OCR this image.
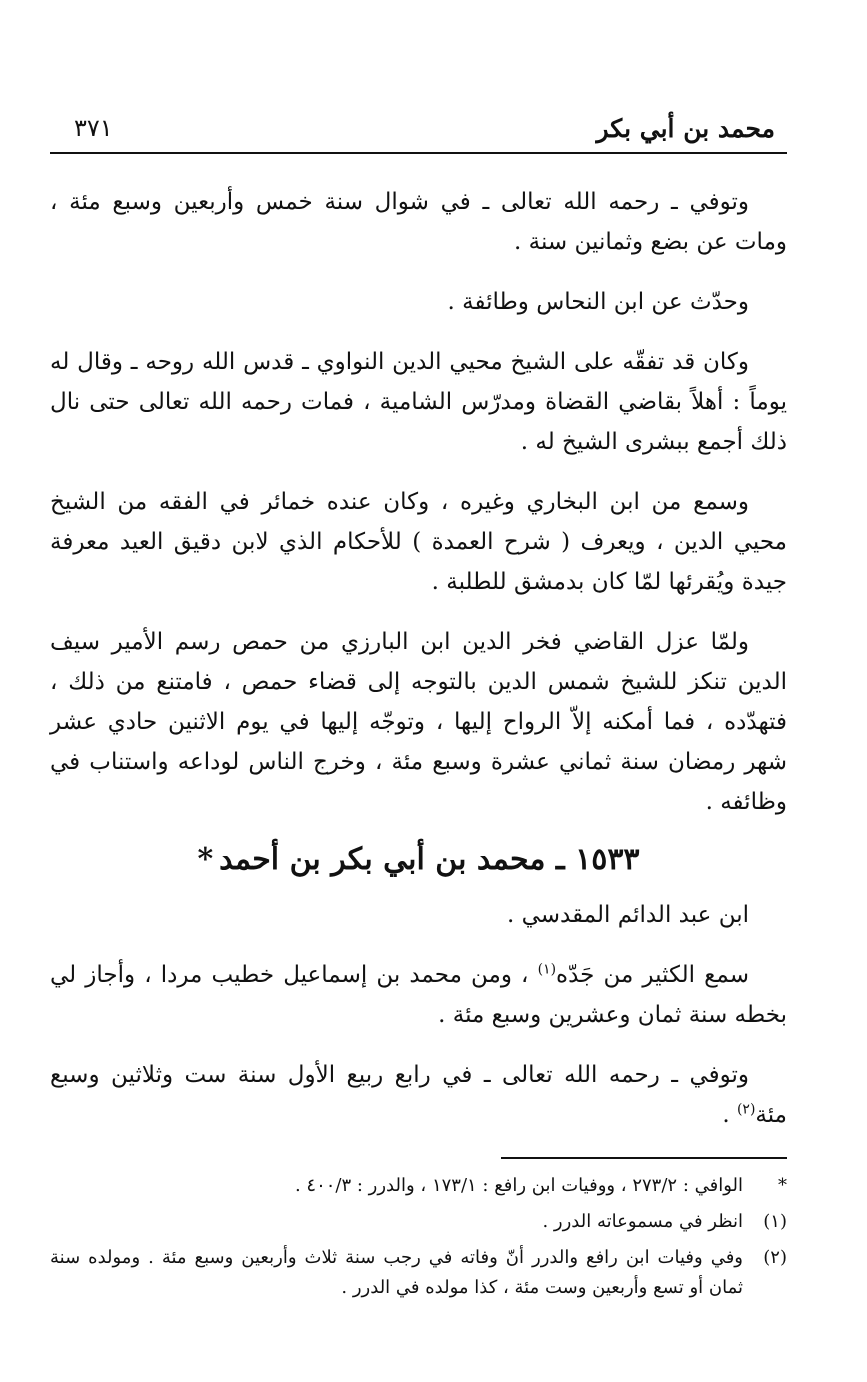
محمد بن أبي بكر
٣٧١

وتوفي ـ رحمه الله تعالى ـ في شوال سنة خمس وأربعين وسبع مئة ، ومات عن بضع وثمانين سنة .

وحدّث عن ابن النحاس وطائفة .

وكان قد تفقّه على الشيخ محيي الدين النواوي ـ قدس الله روحه ـ وقال له يوماً : أهلاً بقاضي القضاة ومدرّس الشامية ، فمات رحمه الله تعالى حتى نال ذلك أجمع ببشرى الشيخ له .

وسمع من ابن البخاري وغيره ، وكان عنده خمائر في الفقه من الشيخ محيي الدين ، ويعرف ( شرح العمدة ) للأحكام الذي لابن دقيق العيد معرفة جيدة ويُقرئها لمّا كان بدمشق للطلبة .

ولمّا عزل القاضي فخر الدين ابن البارزي من حمص رسم الأمير سيف الدين تنكز للشيخ شمس الدين بالتوجه إلى قضاء حمص ، فامتنع من ذلك ، فتهدّده ، فما أمكنه إلاّ الرواح إليها ، وتوجّه إليها في يوم الاثنين حادي عشر شهر رمضان سنة ثماني عشرة وسبع مئة ، وخرج الناس لوداعه واستناب في وظائفه .

١٥٣٣ ـ محمد بن أبي بكر بن أحمد*

ابن عبد الدائم المقدسي .

سمع الكثير من جَدّه$^{(١)}$ ، ومن محمد بن إسماعيل خطيب مردا ، وأجاز لي بخطه سنة ثمان وعشرين وسبع مئة .

وتوفي ـ رحمه الله تعالى ـ في رابع ربيع الأول سنة ست وثلاثين وسبع مئة$^{(٢)}$ .

*
الوافي : ٢٧٣/٢ ، ووفيات ابن رافع : ١٧٣/١ ، والدرر : ٤٠٠/٣ .
(١)
انظر في مسموعاته الدرر .
(٢)
وفي وفيات ابن رافع والدرر أنّ وفاته في رجب سنة ثلاث وأربعين وسبع مئة . ومولده سنة ثمان أو تسع وأربعين وست مئة ، كذا مولده في الدرر .
